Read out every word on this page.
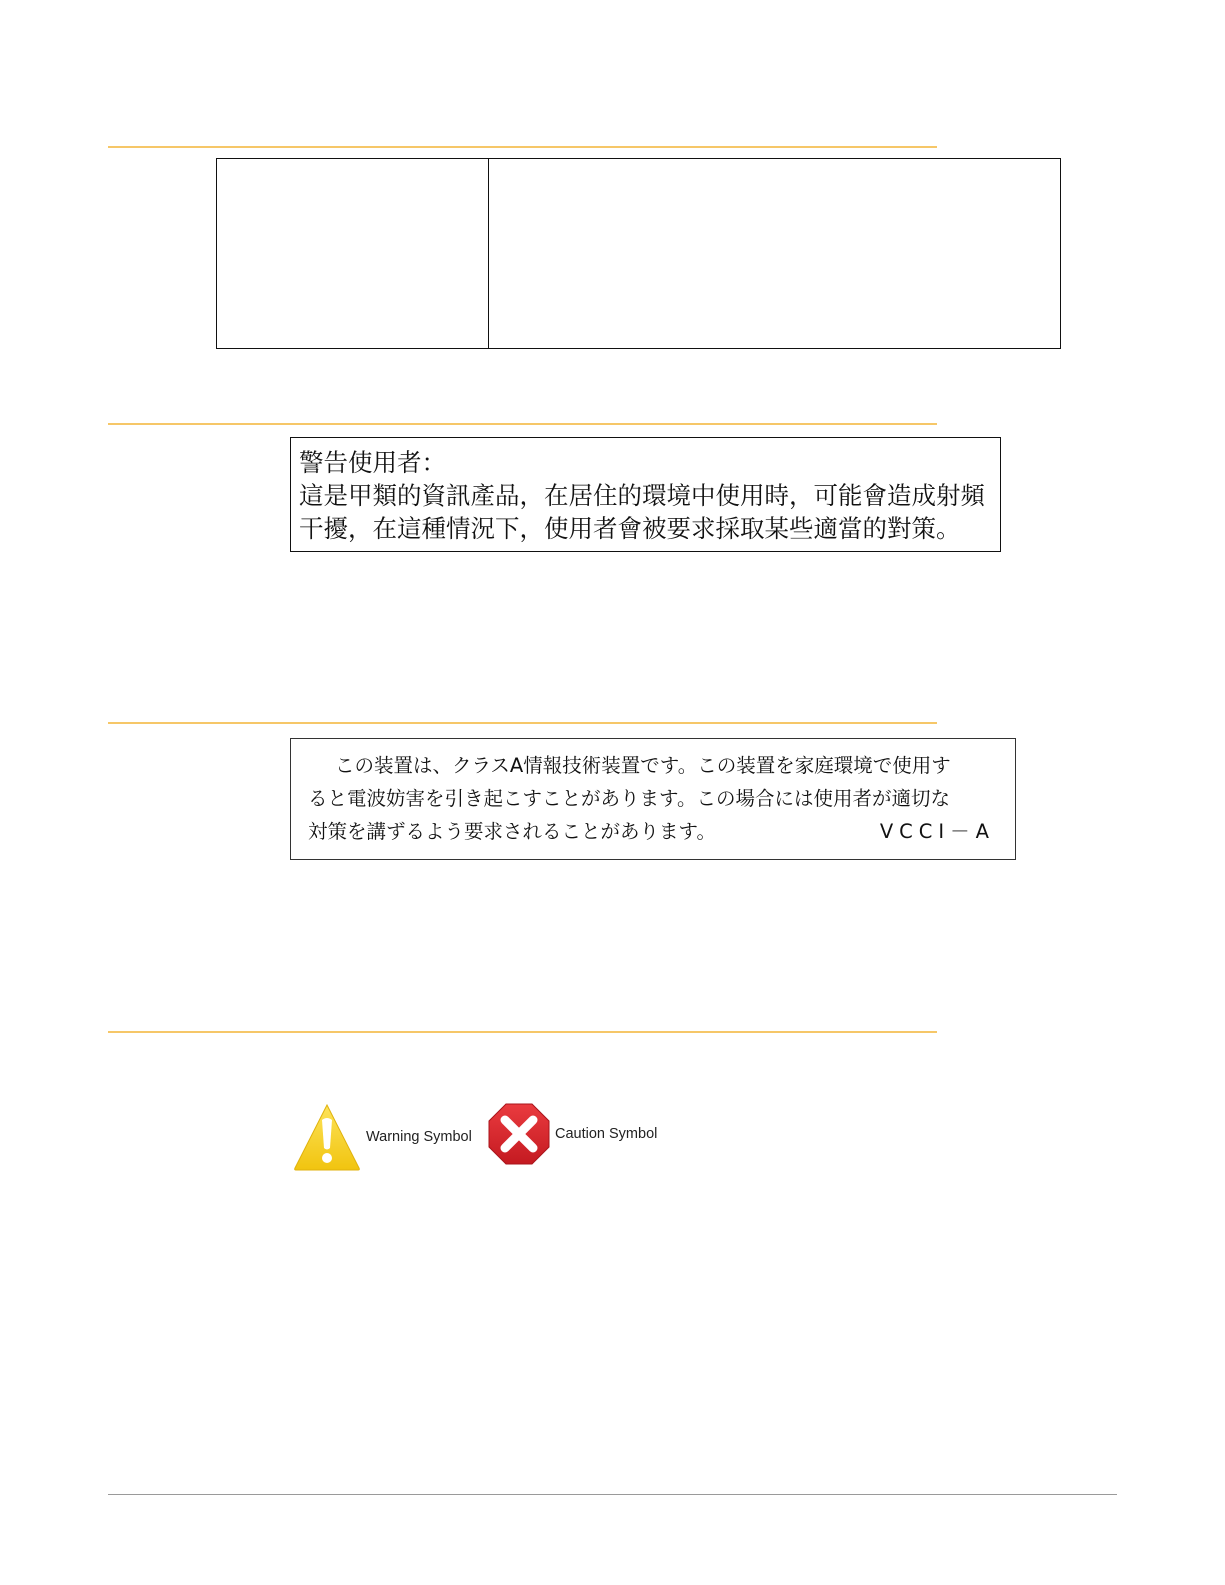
警告使用者：
這是甲類的資訊產品，在居住的環境中使用時，可能會造成射頻
干擾，在這種情況下，使用者會被要求採取某些適當的對策。
この装置は、クラスA情報技術装置です。この装置を家庭環境で使用す
ると電波妨害を引き起こすことがあります。この場合には使用者が適切な
対策を講ずるよう要求されることがあります。	VCCI－A
Warning Symbol	Caution Symbol
